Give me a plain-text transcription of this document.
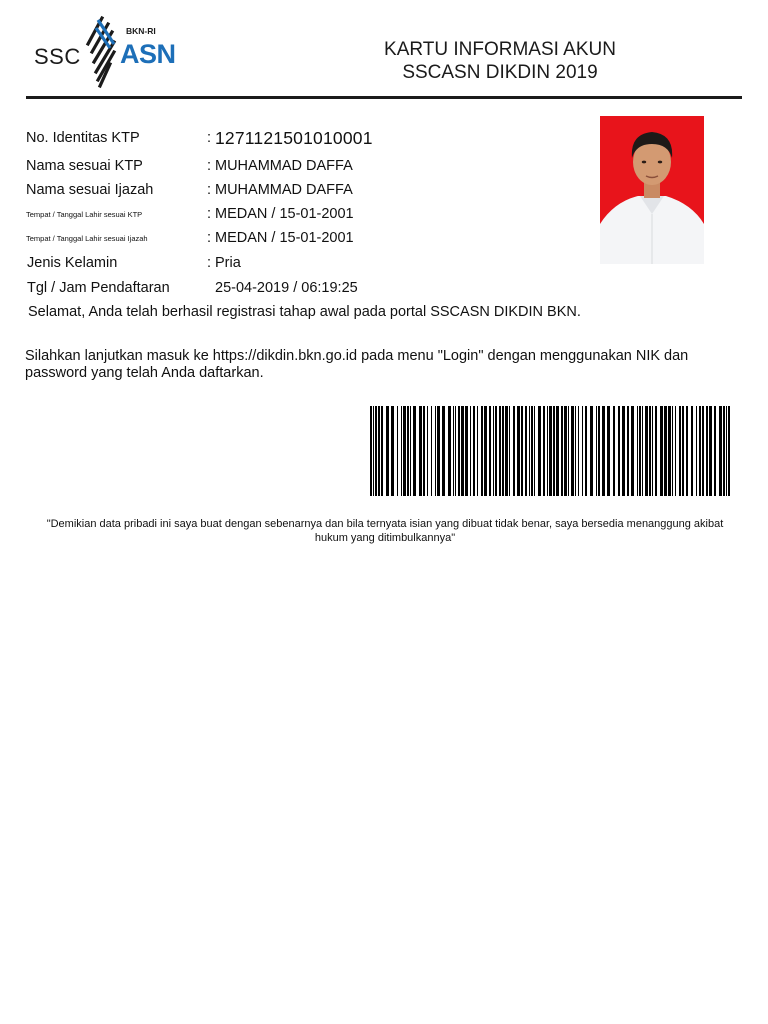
SSC
BKN-RI
ASN	KARTU INFORMASI AKUN
SSCASN DIKDIN 2019
No. Identitas KTP	: 1271121501010001
Nama sesuai KTP	: MUHAMMAD DAFFA
Nama sesuai Ijazah	: MUHAMMAD DAFFA
Tempat / Tanggal Lahir sesuai KTP	: MEDAN / 15-01-2001
Tempat / Tanggal Lahir sesuai Ijazah	: MEDAN / 15-01-2001
Jenis Kelamin	: Pria
Tgl / Jam Pendaftaran	25-04-2019 / 06:19:25
Selamat, Anda telah berhasil registrasi tahap awal pada portal SSCASN DIKDIN BKN.
Silahkan lanjutkan masuk ke https://dikdin.bkn.go.id pada menu "Login" dengan menggunakan NIK dan password yang telah Anda daftarkan.
"Demikian data pribadi ini saya buat dengan sebenarnya dan bila ternyata isian yang dibuat tidak benar, saya bersedia menanggung akibat hukum yang ditimbulkannya"
